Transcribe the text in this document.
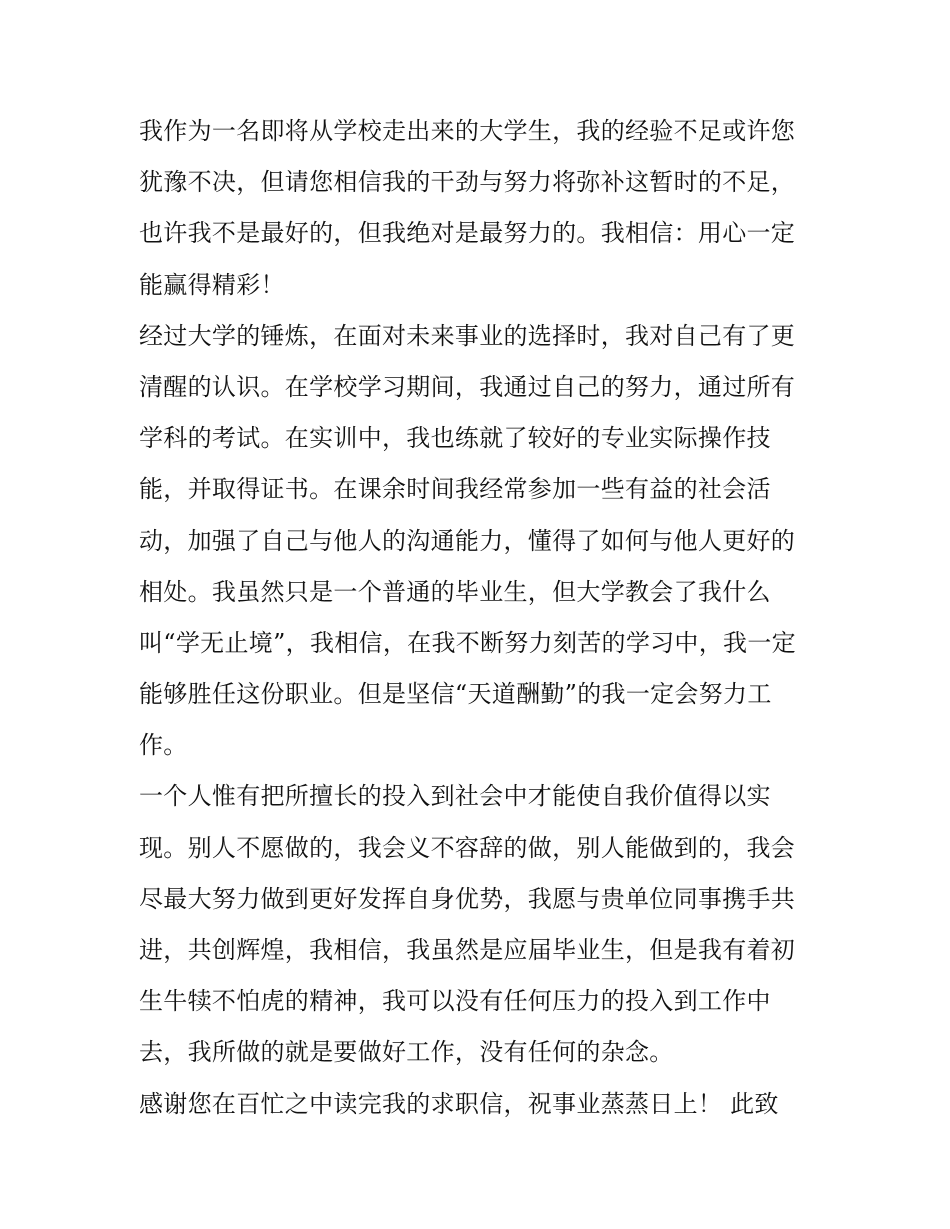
我作为一名即将从学校走出来的大学生，我的经验不足或许您
犹豫不决，但请您相信我的干劲与努力将弥补这暂时的不足，
也许我不是最好的，但我绝对是最努力的。我相信：用心一定
能赢得精彩！
经过大学的锤炼，在面对未来事业的选择时，我对自己有了更
清醒的认识。在学校学习期间，我通过自己的努力，通过所有
学科的考试。在实训中，我也练就了较好的专业实际操作技
能，并取得证书。在课余时间我经常参加一些有益的社会活
动，加强了自己与他人的沟通能力，懂得了如何与他人更好的
相处。我虽然只是一个普通的毕业生，但大学教会了我什么
叫“学无止境”，我相信，在我不断努力刻苦的学习中，我一定
能够胜任这份职业。但是坚信“天道酬勤”的我一定会努力工
作。
一个人惟有把所擅长的投入到社会中才能使自我价值得以实
现。别人不愿做的，我会义不容辞的做，别人能做到的，我会
尽最大努力做到更好发挥自身优势，我愿与贵单位同事携手共
进，共创辉煌，我相信，我虽然是应届毕业生，但是我有着初
生牛犊不怕虎的精神，我可以没有任何压力的投入到工作中
去，我所做的就是要做好工作，没有任何的杂念。
感谢您在百忙之中读完我的求职信，祝事业蒸蒸日上！ 此致
